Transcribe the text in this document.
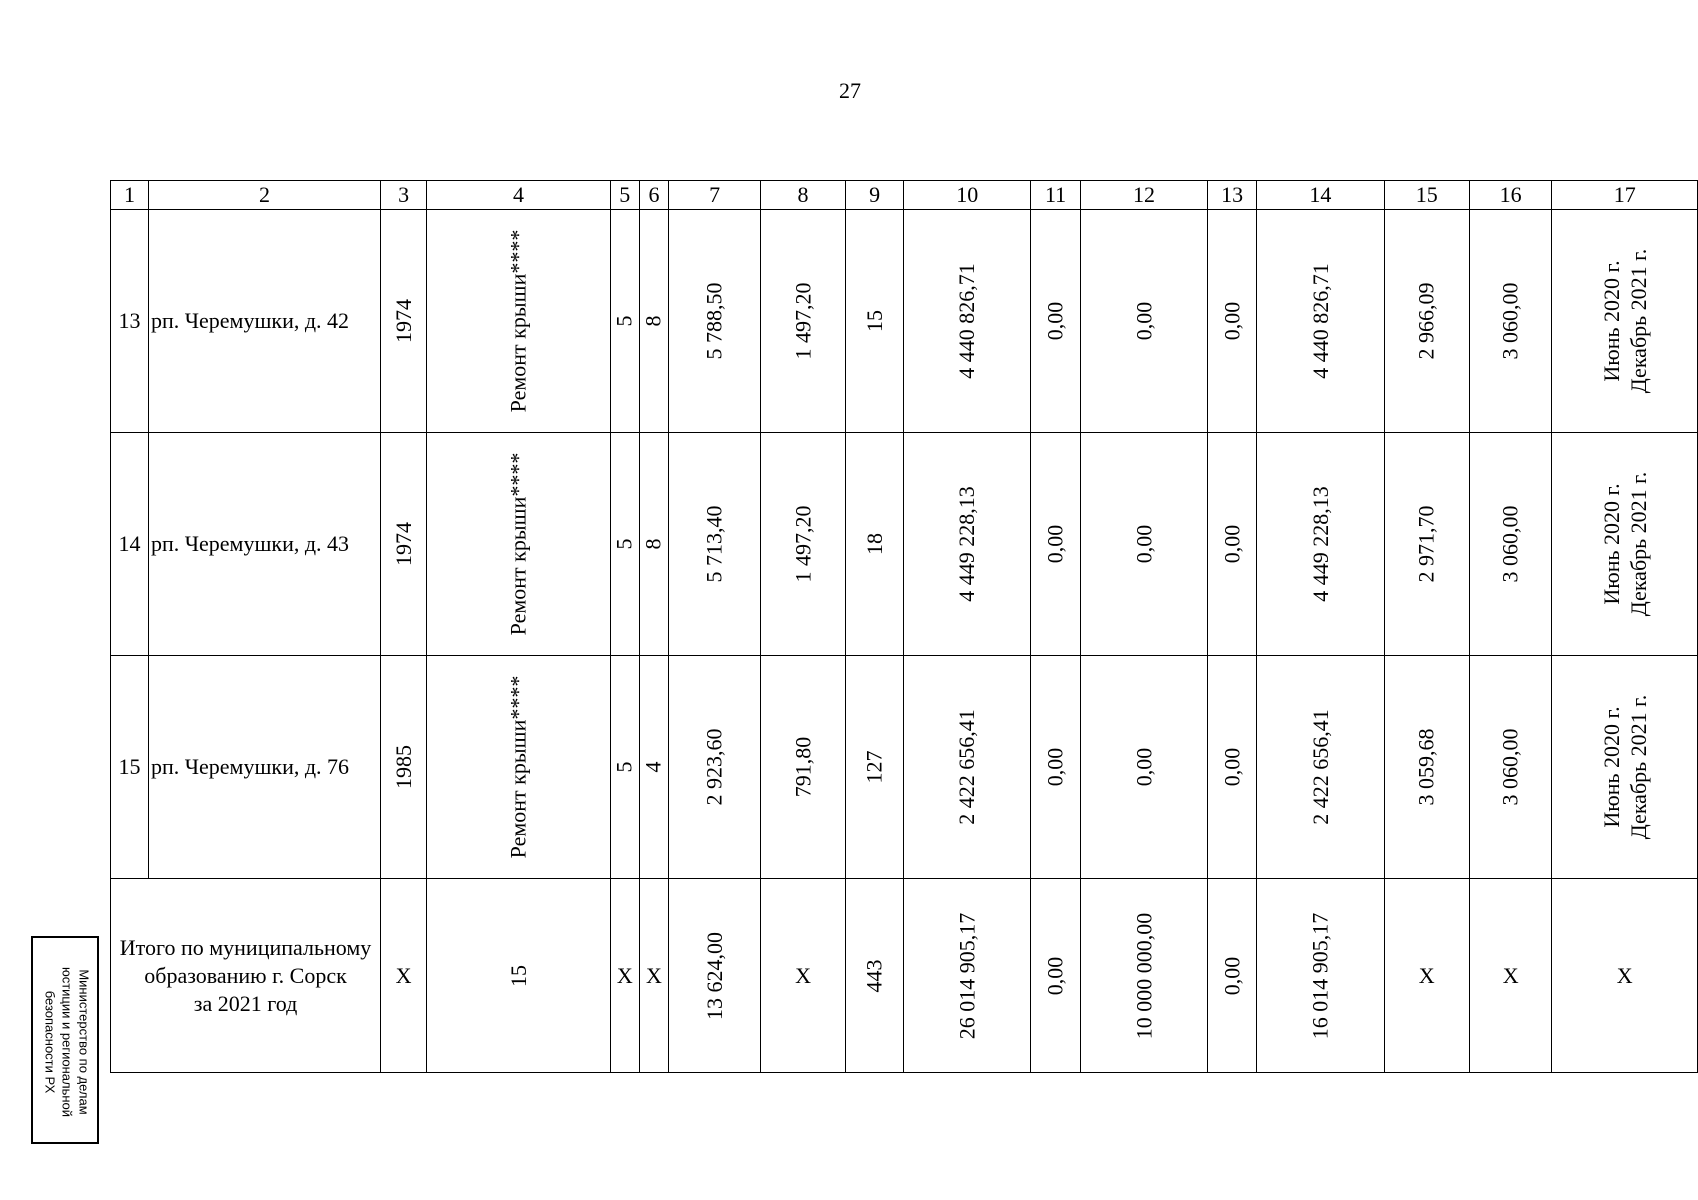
27
1	2	3	4	5	6	7	8	9	10	11	12	13	14	15	16	17
13	рп. Черемушки, д. 42	1974	Ремонт крыши****	5	8	5 788,50	1 497,20	15	4 440 826,71	0,00	0,00	0,00	4 440 826,71	2 966,09	3 060,00	Июнь 2020 г. Декабрь 2021 г.

14	рп. Черемушки, д. 43	1974	Ремонт крыши****	5	8	5 713,40	1 497,20	18	4 449 228,13	0,00	0,00	0,00	4 449 228,13	2 971,70	3 060,00	Июнь 2020 г. Декабрь 2021 г.

15	рп. Черемушки, д. 76	1985	Ремонт крыши****	5	4	2 923,60	791,80	127	2 422 656,41	0,00	0,00	0,00	2 422 656,41	3 059,68	3 060,00	Июнь 2020 г. Декабрь 2021 г.

Итого по муниципальному
образованию г. Сорск
за 2021 год		Х	15	Х	Х	13 624,00	Х	443	26 014 905,17	0,00	10 000 000,00	0,00	16 014 905,17	Х	Х	Х
Министерство по делам
юстиции и региональной
безопасности РХ
